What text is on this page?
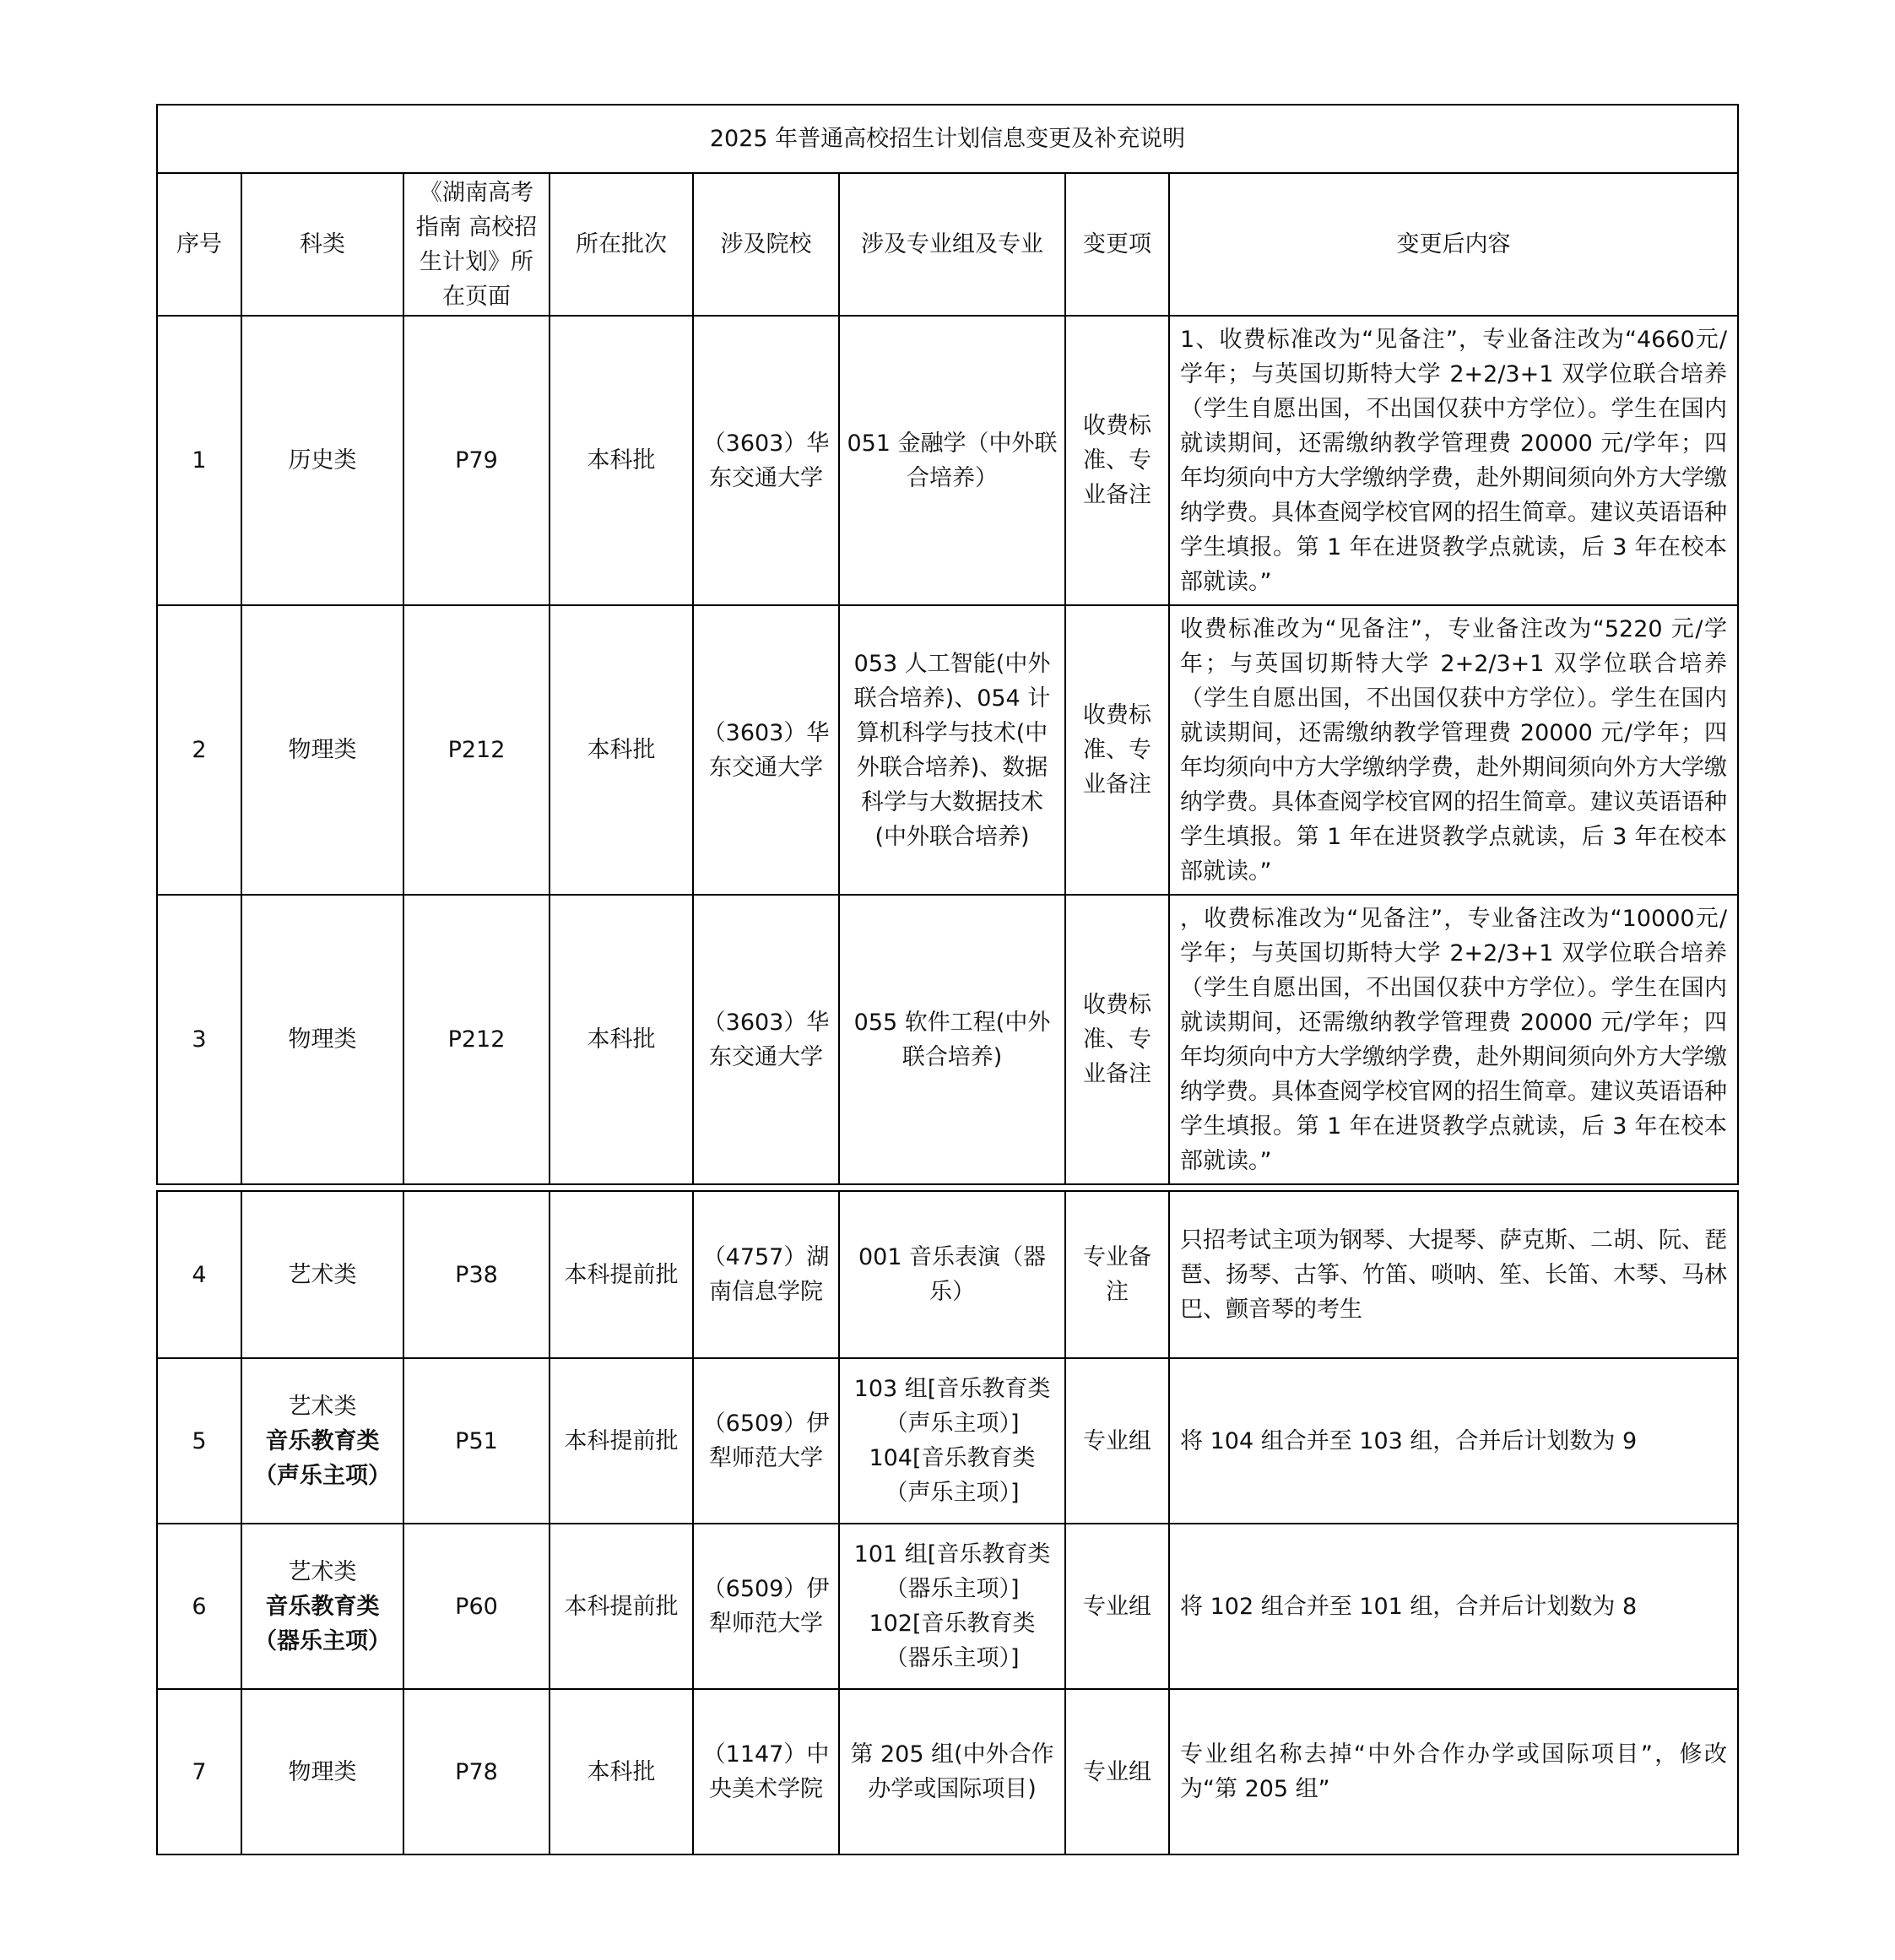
2025 年普通高校招生计划信息变更及补充说明							
序号	科类	《湖南高考指南 高校招生计划》所在页面	所在批次	涉及院校	涉及专业组及专业	变更项	变更后内容
1	历史类	P79	本科批	（3603）华东交通大学	051 金融学（中外联合培养）	收费标准、专业备注	1、收费标准改为“见备注”，专业备注改为“4660元/学年；与英国切斯特大学 2+2/3+1 双学位联合培养（学生自愿出国，不出国仅获中方学位）。学生在国内就读期间，还需缴纳教学管理费 20000 元/学年；四年均须向中方大学缴纳学费，赴外期间须向外方大学缴纳学费。具体查阅学校官网的招生简章。建议英语语种学生填报。第 1 年在进贤教学点就读，后 3 年在校本部就读。”
2	物理类	P212	本科批	（3603）华东交通大学	053 人工智能(中外联合培养)、054 计算机科学与技术(中外联合培养)、数据科学与大数据技术(中外联合培养)	收费标准、专业备注	收费标准改为“见备注”，专业备注改为“5220 元/学年；与英国切斯特大学 2+2/3+1 双学位联合培养（学生自愿出国，不出国仅获中方学位）。学生在国内就读期间，还需缴纳教学管理费 20000 元/学年；四年均须向中方大学缴纳学费，赴外期间须向外方大学缴纳学费。具体查阅学校官网的招生简章。建议英语语种学生填报。第 1 年在进贤教学点就读，后 3 年在校本部就读。”
3	物理类	P212	本科批	（3603）华东交通大学	055 软件工程(中外联合培养)	收费标准、专业备注	，收费标准改为“见备注”，专业备注改为“10000元/学年；与英国切斯特大学 2+2/3+1 双学位联合培养（学生自愿出国，不出国仅获中方学位）。学生在国内就读期间，还需缴纳教学管理费 20000 元/学年；四年均须向中方大学缴纳学费，赴外期间须向外方大学缴纳学费。具体查阅学校官网的招生简章。建议英语语种学生填报。第 1 年在进贤教学点就读，后 3 年在校本部就读。”

4	艺术类	P38	本科提前批	（4757）湖南信息学院	001 音乐表演（器乐）	专业备注	只招考试主项为钢琴、大提琴、萨克斯、二胡、阮、琵琶、扬琴、古筝、竹笛、唢呐、笙、长笛、木琴、马林巴、颤音琴的考生
5	艺术类
音乐教育类
（声乐主项）	P51	本科提前批	（6509）伊犁师范大学	103 组[音乐教育类（声乐主项）] 104[音乐教育类（声乐主项）]	专业组	将 104 组合并至 103 组，合并后计划数为 9
6	艺术类
音乐教育类
（器乐主项）	P60	本科提前批	（6509）伊犁师范大学	101 组[音乐教育类（器乐主项）] 102[音乐教育类（器乐主项）]	专业组	将 102 组合并至 101 组，合并后计划数为 8
7	物理类	P78	本科批	（1147）中央美术学院	第 205 组(中外合作办学或国际项目)	专业组	专业组名称去掉“中外合作办学或国际项目”，修改为“第 205 组”
